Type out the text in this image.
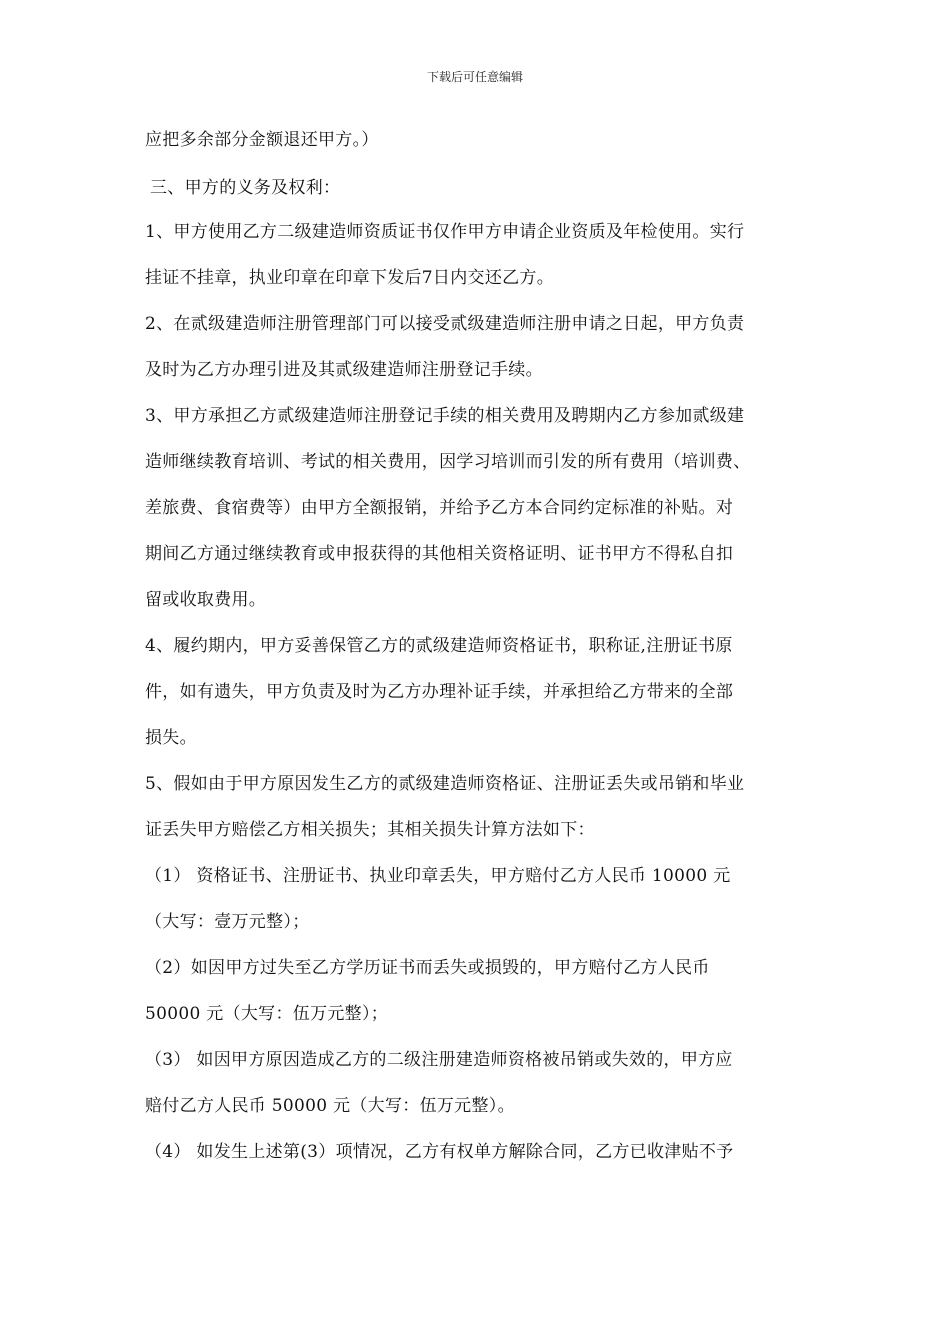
下载后可任意编辑
应把多余部分金额退还甲方。）
三、甲方的义务及权利：
1、甲方使用乙方二级建造师资质证书仅作甲方申请企业资质及年检使用。实行
挂证不挂章，执业印章在印章下发后7日内交还乙方。
2、在贰级建造师注册管理部门可以接受贰级建造师注册申请之日起，甲方负责
及时为乙方办理引进及其贰级建造师注册登记手续。
3、甲方承担乙方贰级建造师注册登记手续的相关费用及聘期内乙方参加贰级建
造师继续教育培训、考试的相关费用，因学习培训而引发的所有费用（培训费、
差旅费、食宿费等）由甲方全额报销，并给予乙方本合同约定标准的补贴。对
期间乙方通过继续教育或申报获得的其他相关资格证明、证书甲方不得私自扣
留或收取费用。
4、履约期内，甲方妥善保管乙方的贰级建造师资格证书，职称证,注册证书原
件，如有遗失，甲方负责及时为乙方办理补证手续，并承担给乙方带来的全部
损失。
5、假如由于甲方原因发生乙方的贰级建造师资格证、注册证丢失或吊销和毕业
证丢失甲方赔偿乙方相关损失；其相关损失计算方法如下：
（1） 资格证书、注册证书、执业印章丢失，甲方赔付乙方人民币 10000 元
（大写：壹万元整）；
（2）如因甲方过失至乙方学历证书而丢失或损毁的，甲方赔付乙方人民币
50000 元（大写：伍万元整）；
（3） 如因甲方原因造成乙方的二级注册建造师资格被吊销或失效的，甲方应
赔付乙方人民币 50000 元（大写：伍万元整）。
（4） 如发生上述第(3）项情况，乙方有权单方解除合同，乙方已收津贴不予
